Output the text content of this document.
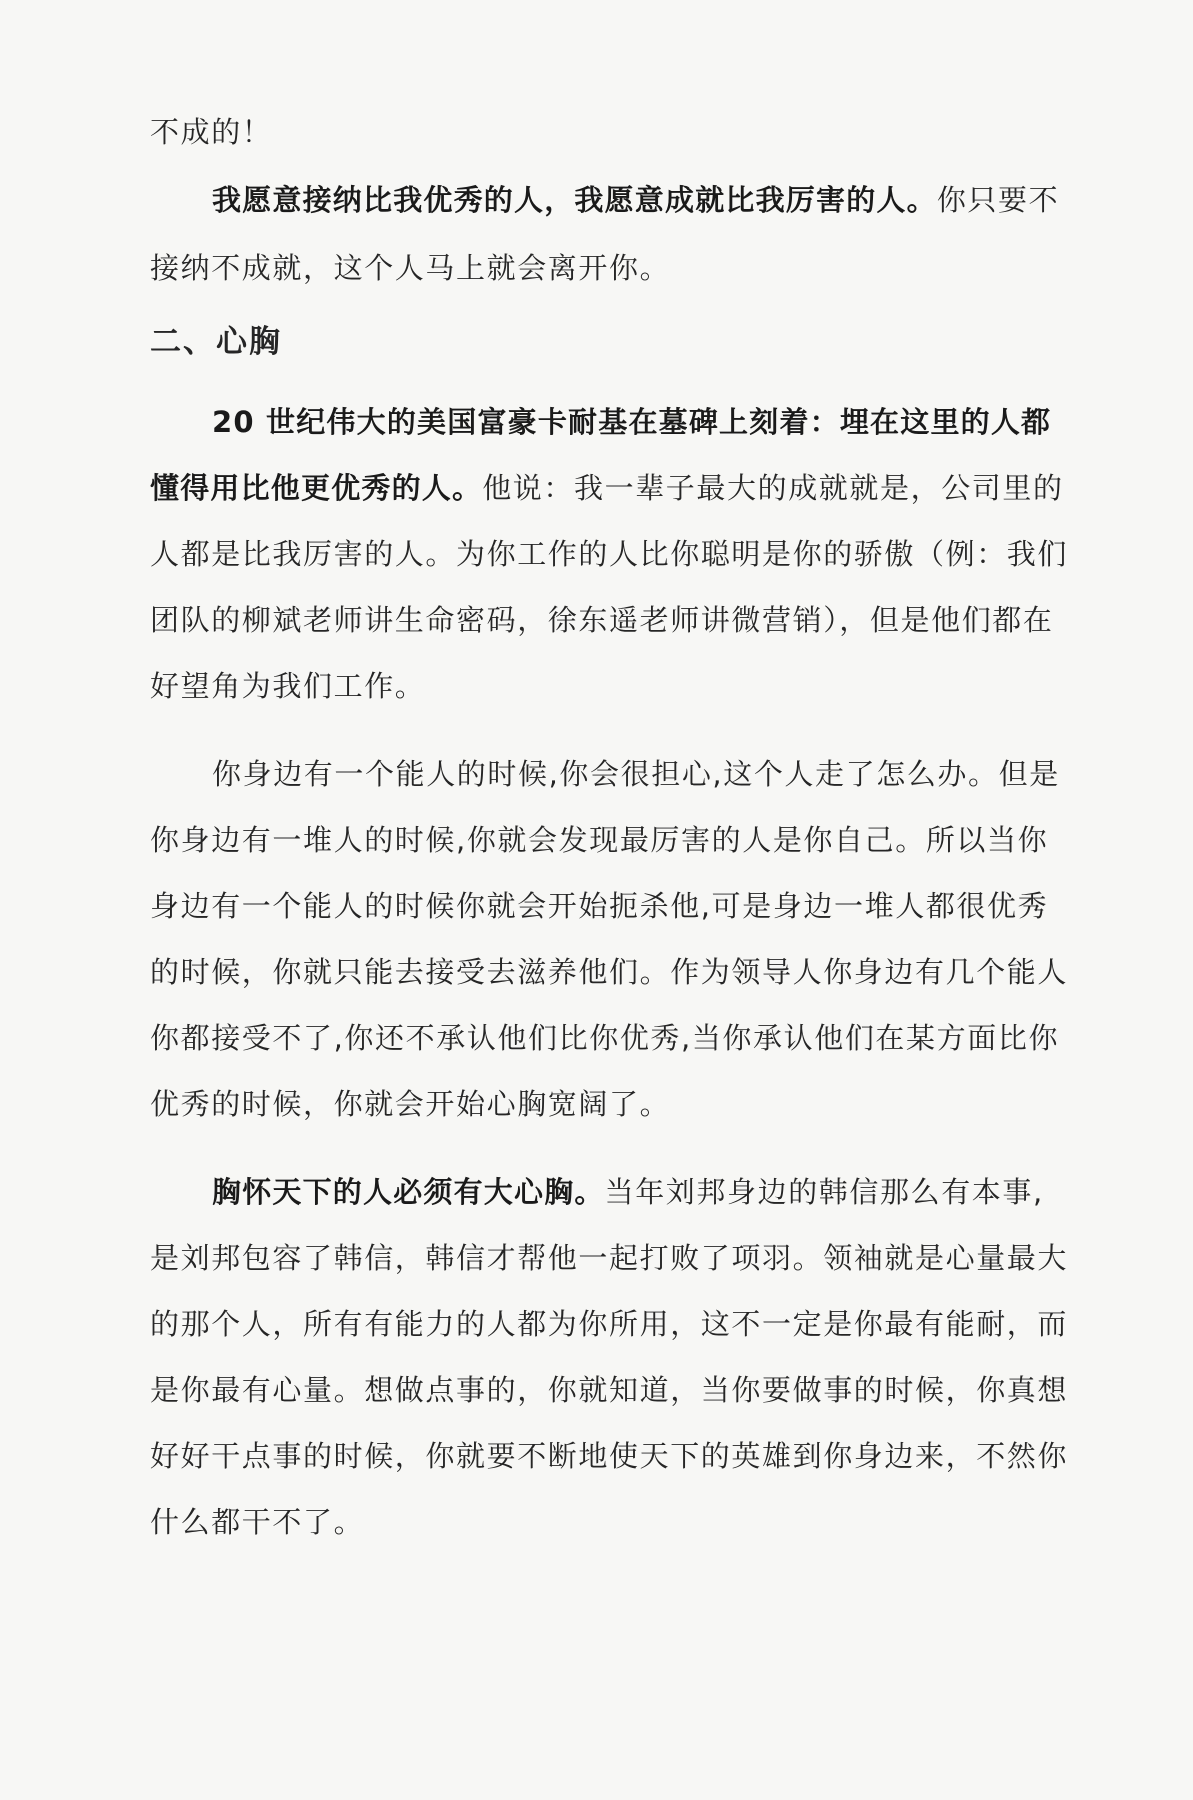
不成的！
我愿意接纳比我优秀的人，我愿意成就比我厉害的人。你只要不
接纳不成就，这个人马上就会离开你。
二、心胸
20 世纪伟大的美国富豪卡耐基在墓碑上刻着：埋在这里的人都
懂得用比他更优秀的人。他说：我一辈子最大的成就就是，公司里的
人都是比我厉害的人。为你工作的人比你聪明是你的骄傲（例：我们
团队的柳斌老师讲生命密码，徐东遥老师讲微营销），但是他们都在
好望角为我们工作。
你身边有一个能人的时候,你会很担心,这个人走了怎么办。但是
你身边有一堆人的时候,你就会发现最厉害的人是你自己。所以当你
身边有一个能人的时候你就会开始扼杀他,可是身边一堆人都很优秀
的时候，你就只能去接受去滋养他们。作为领导人你身边有几个能人
你都接受不了,你还不承认他们比你优秀,当你承认他们在某方面比你
优秀的时候，你就会开始心胸宽阔了。
胸怀天下的人必须有大心胸。当年刘邦身边的韩信那么有本事,
是刘邦包容了韩信，韩信才帮他一起打败了项羽。领袖就是心量最大
的那个人，所有有能力的人都为你所用，这不一定是你最有能耐，而
是你最有心量。想做点事的，你就知道，当你要做事的时候，你真想
好好干点事的时候，你就要不断地使天下的英雄到你身边来，不然你
什么都干不了。
